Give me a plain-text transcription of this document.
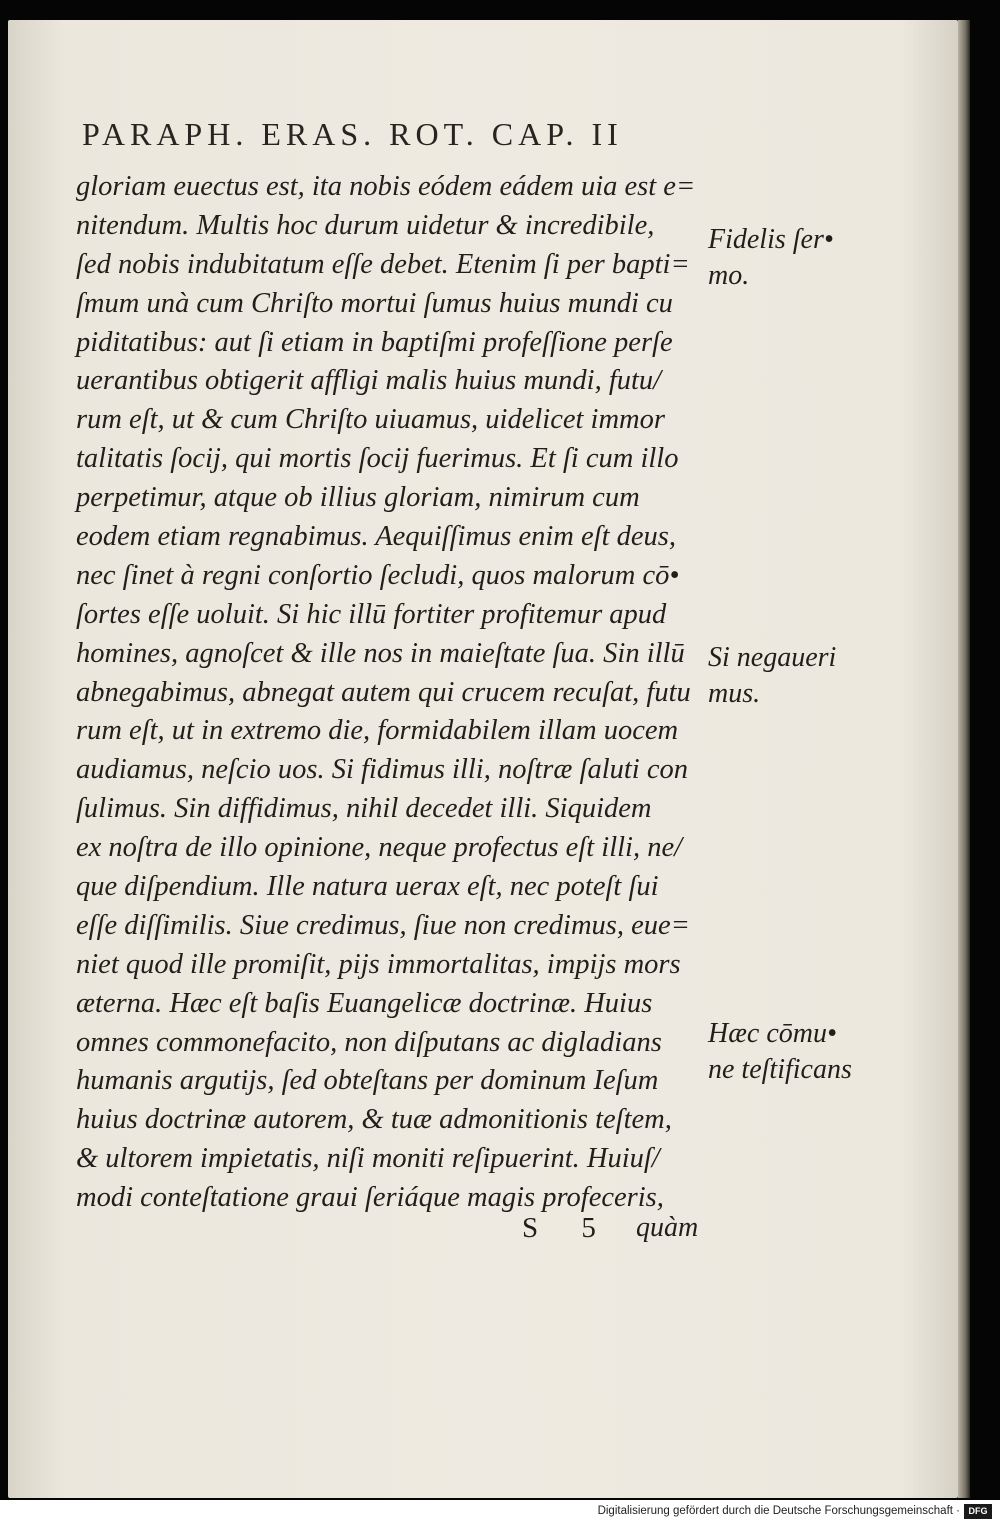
PARAPH. ERAS. ROT. CAP. II
gloriam euectus est, ita nobis eódem eádem uia est e=
nitendum. Multis hoc durum uidetur & incredibile,
ſed nobis indubitatum eſſe debet. Etenim ſi per bapti=
ſmum unà cum Chriſto mortui ſumus huius mundi cu
piditatibus: aut ſi etiam in baptiſmi profeſſione perſe
uerantibus obtigerit affligi malis huius mundi, futu/
rum eſt, ut & cum Chriſto uiuamus, uidelicet immor
talitatis ſocij, qui mortis ſocij fuerimus. Et ſi cum illo
perpetimur, atque ob illius gloriam, nimirum cum
eodem etiam regnabimus. Aequiſſimus enim eſt deus,
nec ſinet à regni conſortio ſecludi, quos malorum cō•
ſortes eſſe uoluit. Si hic illū fortiter profitemur apud
homines, agnoſcet & ille nos in maieſtate ſua. Sin illū
abnegabimus, abnegat autem qui crucem recuſat, futu
rum eſt, ut in extremo die, formidabilem illam uocem
audiamus, neſcio uos. Si fidimus illi, noſtræ ſaluti con
ſulimus. Sin diffidimus, nihil decedet illi. Siquidem
ex noſtra de illo opinione, neque profectus eſt illi, ne/
que diſpendium. Ille natura uerax eſt, nec poteſt ſui
eſſe diſſimilis. Siue credimus, ſiue non credimus, eue=
niet quod ille promiſit, pijs immortalitas, impijs mors
æterna. Hæc eſt baſis Euangelicæ doctrinæ. Huius
omnes commonefacito, non diſputans ac digladians
humanis argutijs, ſed obteſtans per dominum Ieſum
huius doctrinæ autorem, & tuæ admonitionis teſtem,
& ultorem impietatis, niſi moniti reſipuerint. Huiuſ/
modi conteſtatione graui ſeriáque magis profeceris,
Fidelis ſer•
mo.
Si negaueri
mus.
Hæc cōmu•
ne teſtificans
S 5 quàm
Digitalisierung gefördert durch die Deutsche Forschungsgemeinschaft · DFG
